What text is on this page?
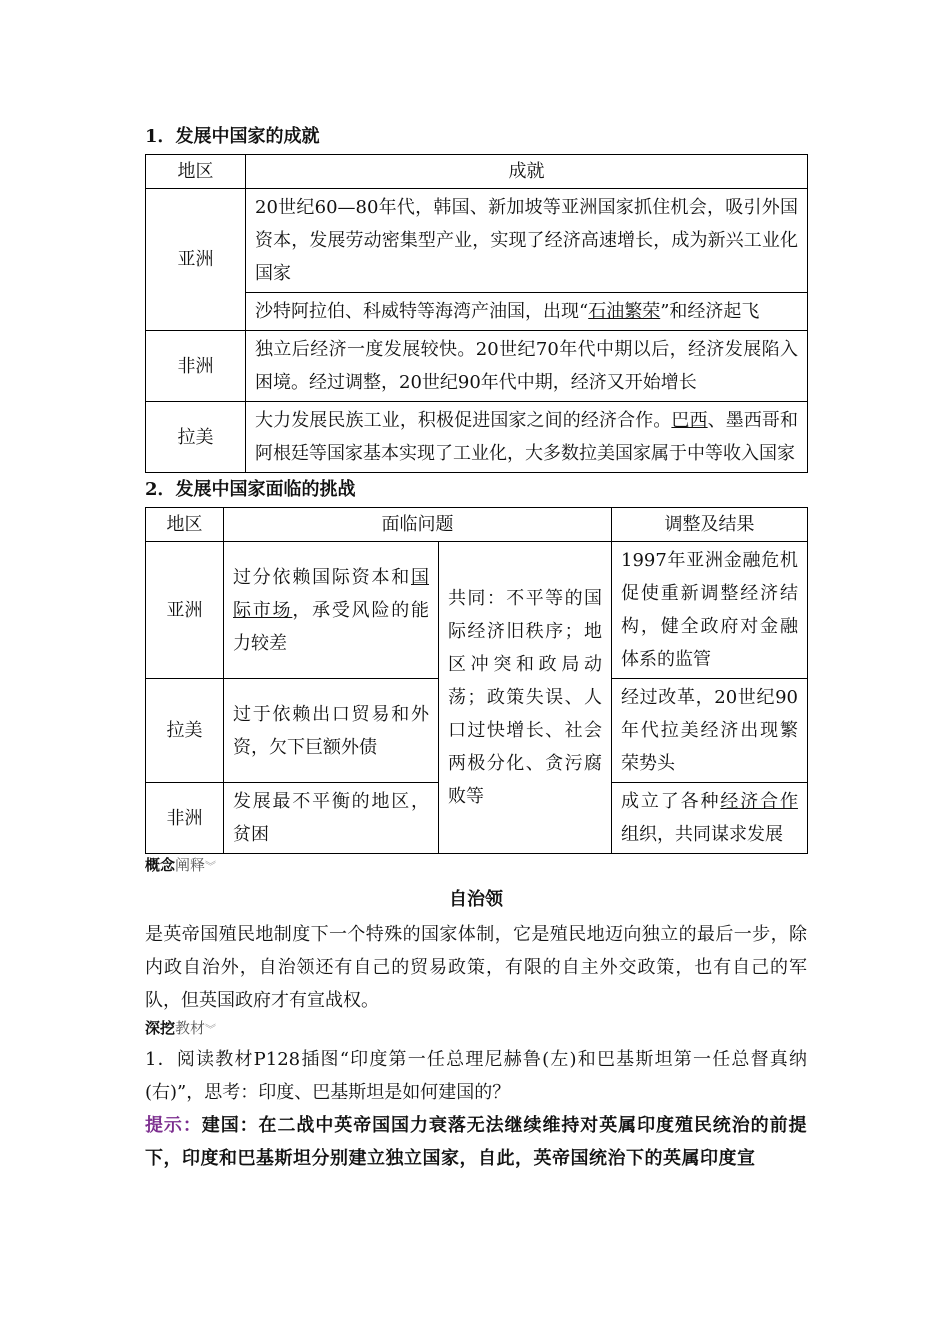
1．发展中国家的成就
地区	成就
亚洲	20世纪60—80年代，韩国、新加坡等亚洲国家抓住机会，吸引外国资本，发展劳动密集型产业，实现了经济高速增长，成为新兴工业化国家
	沙特阿拉伯、科威特等海湾产油国，出现“石油繁荣”和经济起飞
非洲	独立后经济一度发展较快。20世纪70年代中期以后，经济发展陷入困境。经过调整，20世纪90年代中期，经济又开始增长
拉美	大力发展民族工业，积极促进国家之间的经济合作。巴西、墨西哥和阿根廷等国家基本实现了工业化，大多数拉美国家属于中等收入国家
2．发展中国家面临的挑战
地区	面临问题		调整及结果
亚洲	过分依赖国际资本和国际市场，承受风险的能力较差	共同：不平等的国际经济旧秩序；地区冲突和政局动荡；政策失误、人口过快增长、社会两极分化、贪污腐败等	1997年亚洲金融危机促使重新调整经济结构，健全政府对金融体系的监管
拉美	过于依赖出口贸易和外资，欠下巨额外债		经过改革，20世纪90年代拉美经济出现繁荣势头
非洲	发展最不平衡的地区，贫困		成立了各种经济合作组织，共同谋求发展
概念阐释︾
自治领
是英帝国殖民地制度下一个特殊的国家体制，它是殖民地迈向独立的最后一步，除内政自治外，自治领还有自己的贸易政策，有限的自主外交政策，也有自己的军队，但英国政府才有宣战权。
深挖教材︾
1．阅读教材P128插图“印度第一任总理尼赫鲁(左)和巴基斯坦第一任总督真纳(右)”，思考：印度、巴基斯坦是如何建国的？
提示：建国：在二战中英帝国国力衰落无法继续维持对英属印度殖民统治的前提下，印度和巴基斯坦分别建立独立国家，自此，英帝国统治下的英属印度宣
